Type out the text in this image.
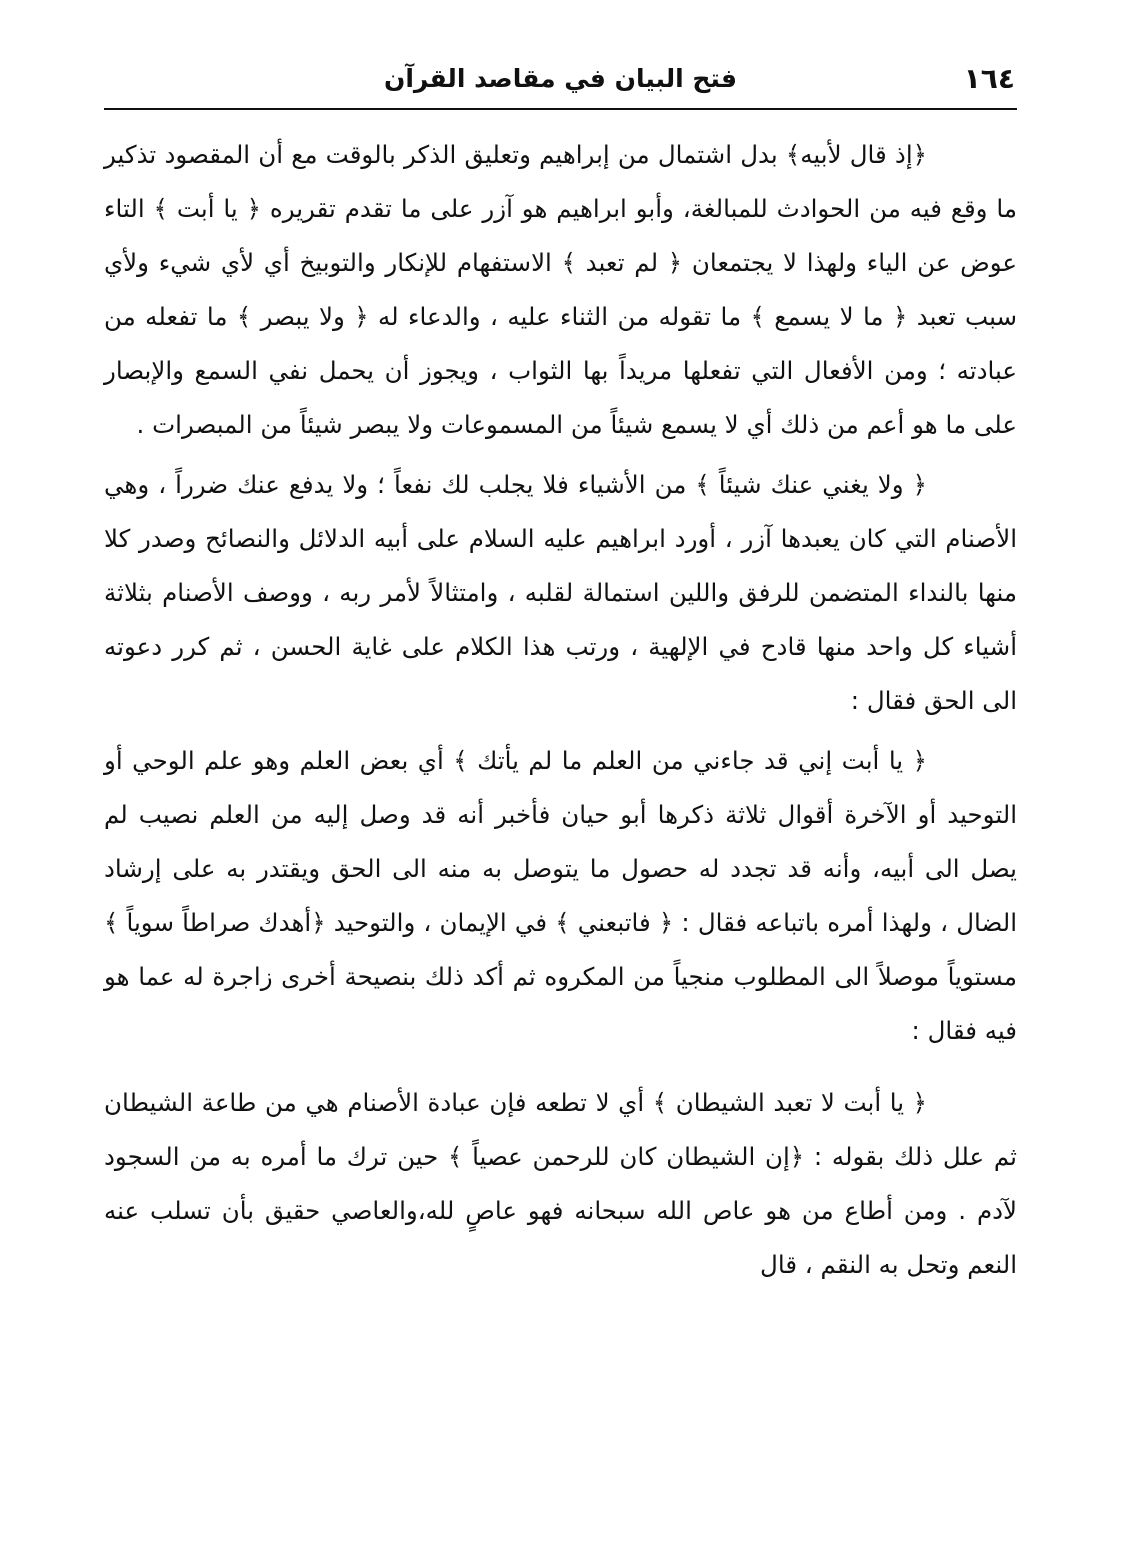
١٦٤
فتح البيان في مقاصد القرآن

﴿إذ قال لأبيه﴾ بدل اشتمال من إبراهيم وتعليق الذكر بالوقت مع أن المقصود تذكير ما وقع فيه من الحوادث للمبالغة، وأبو ابراهيم هو آزر على ما تقدم تقريره ﴿ يا أبت ﴾ التاء عوض عن الياء ولهذا لا يجتمعان ﴿ لم تعبد ﴾ الاستفهام للإنكار والتوبيخ أي لأي شيء ولأي سبب تعبد ﴿ ما لا يسمع ﴾ ما تقوله من الثناء عليه ، والدعاء له ﴿ ولا يبصر ﴾ ما تفعله من عبادته ؛ ومن الأفعال التي تفعلها مريداً بها الثواب ، ويجوز أن يحمل نفي السمع والإبصار على ما هو أعم من ذلك أي لا يسمع شيئاً من المسموعات ولا يبصر شيئاً من المبصرات .

﴿ ولا يغني عنك شيئاً ﴾ من الأشياء فلا يجلب لك نفعاً ؛ ولا يدفع عنك ضرراً ، وهي الأصنام التي كان يعبدها آزر ، أورد ابراهيم عليه السلام على أبيه الدلائل والنصائح وصدر كلا منها بالنداء المتضمن للرفق واللين استمالة لقلبه ، وامتثالاً لأمر ربه ، ووصف الأصنام بثلاثة أشياء كل واحد منها قادح في الإلهية ، ورتب هذا الكلام على غاية الحسن ، ثم كرر دعوته الى الحق فقال :

﴿ يا أبت إني قد جاءني من العلم ما لم يأتك ﴾ أي بعض العلم وهو علم الوحي أو التوحيد أو الآخرة أقوال ثلاثة ذكرها أبو حيان فأخبر أنه قد وصل إليه من العلم نصيب لم يصل الى أبيه، وأنه قد تجدد له حصول ما يتوصل به منه الى الحق ويقتدر به على إرشاد الضال ، ولهذا أمره باتباعه فقال : ﴿ فاتبعني ﴾ في الإيمان ، والتوحيد ﴿أهدك صراطاً سوياً ﴾ مستوياً موصلاً الى المطلوب منجياً من المكروه ثم أكد ذلك بنصيحة أخرى زاجرة له عما هو فيه فقال :

﴿ يا أبت لا تعبد الشيطان ﴾ أي لا تطعه فإن عبادة الأصنام هي من طاعة الشيطان ثم علل ذلك بقوله : ﴿إن الشيطان كان للرحمن عصياً ﴾ حين ترك ما أمره به من السجود لآدم . ومن أطاع من هو عاص الله سبحانه فهو عاصٍ لله،والعاصي حقيق بأن تسلب عنه النعم وتحل به النقم ، قال
